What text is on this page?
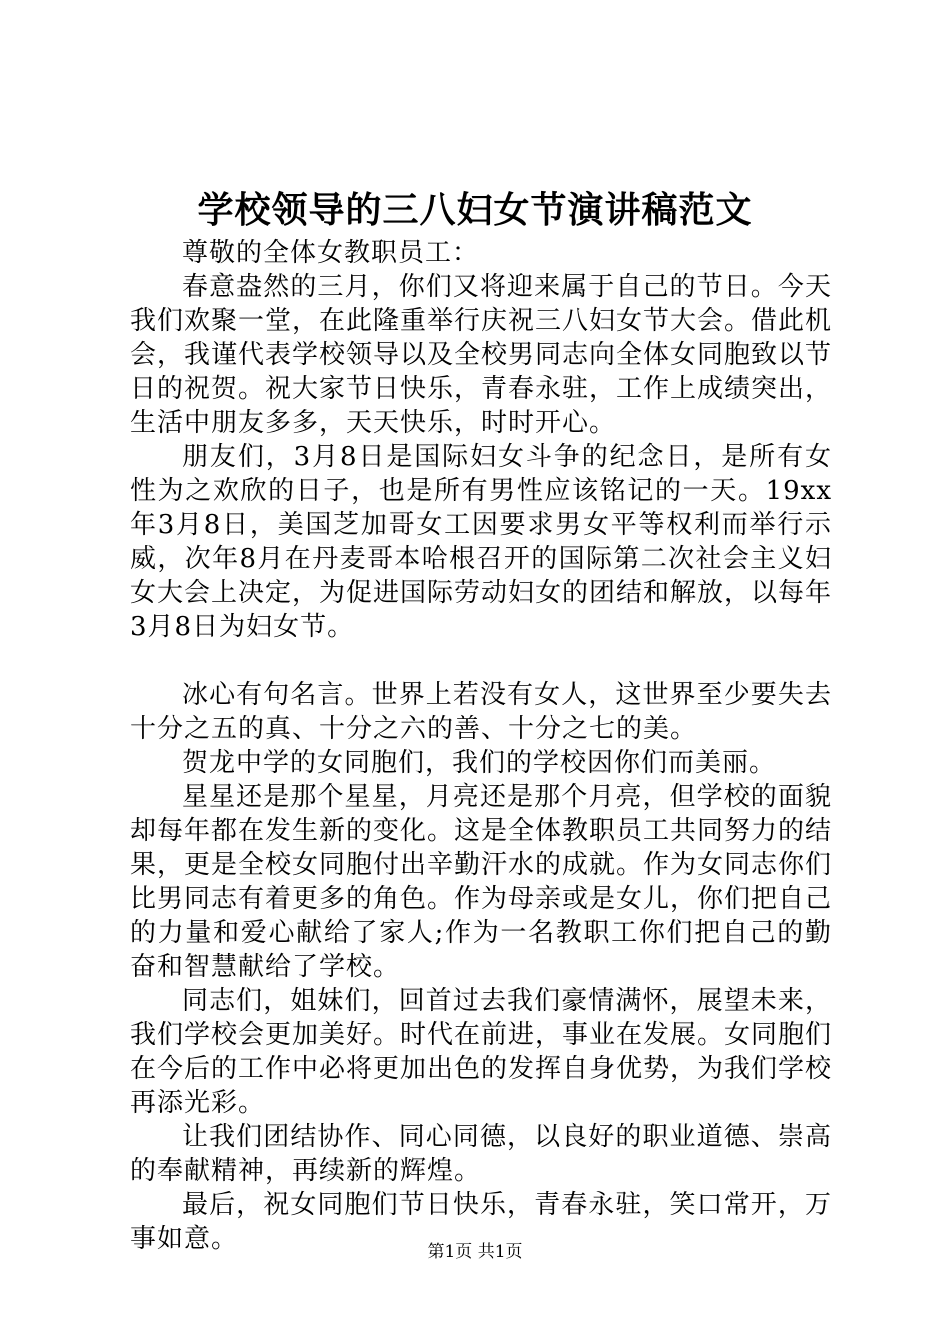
学校领导的三八妇女节演讲稿范文

尊敬的全体女教职员工：

春意盎然的三月，你们又将迎来属于自己的节日。今天我们欢聚一堂，在此隆重举行庆祝三八妇女节大会。借此机会，我谨代表学校领导以及全校男同志向全体女同胞致以节日的祝贺。祝大家节日快乐，青春永驻，工作上成绩突出，生活中朋友多多，天天快乐，时时开心。

朋友们，3月8日是国际妇女斗争的纪念日，是所有女性为之欢欣的日子，也是所有男性应该铭记的一天。19xx年3月8日，美国芝加哥女工因要求男女平等权利而举行示威，次年8月在丹麦哥本哈根召开的国际第二次社会主义妇女大会上决定，为促进国际劳动妇女的团结和解放，以每年3月8日为妇女节。

冰心有句名言。世界上若没有女人，这世界至少要失去十分之五的真、十分之六的善、十分之七的美。

贺龙中学的女同胞们，我们的学校因你们而美丽。

星星还是那个星星，月亮还是那个月亮，但学校的面貌却每年都在发生新的变化。这是全体教职员工共同努力的结果，更是全校女同胞付出辛勤汗水的成就。作为女同志你们比男同志有着更多的角色。作为母亲或是女儿，你们把自己的力量和爱心献给了家人;作为一名教职工你们把自己的勤奋和智慧献给了学校。

同志们，姐妹们，回首过去我们豪情满怀，展望未来，我们学校会更加美好。时代在前进，事业在发展。女同胞们在今后的工作中必将更加出色的发挥自身优势，为我们学校再添光彩。

让我们团结协作、同心同德，以良好的职业道德、崇高的奉献精神，再续新的辉煌。

最后，祝女同胞们节日快乐，青春永驻，笑口常开，万事如意。	第1页 共1页
